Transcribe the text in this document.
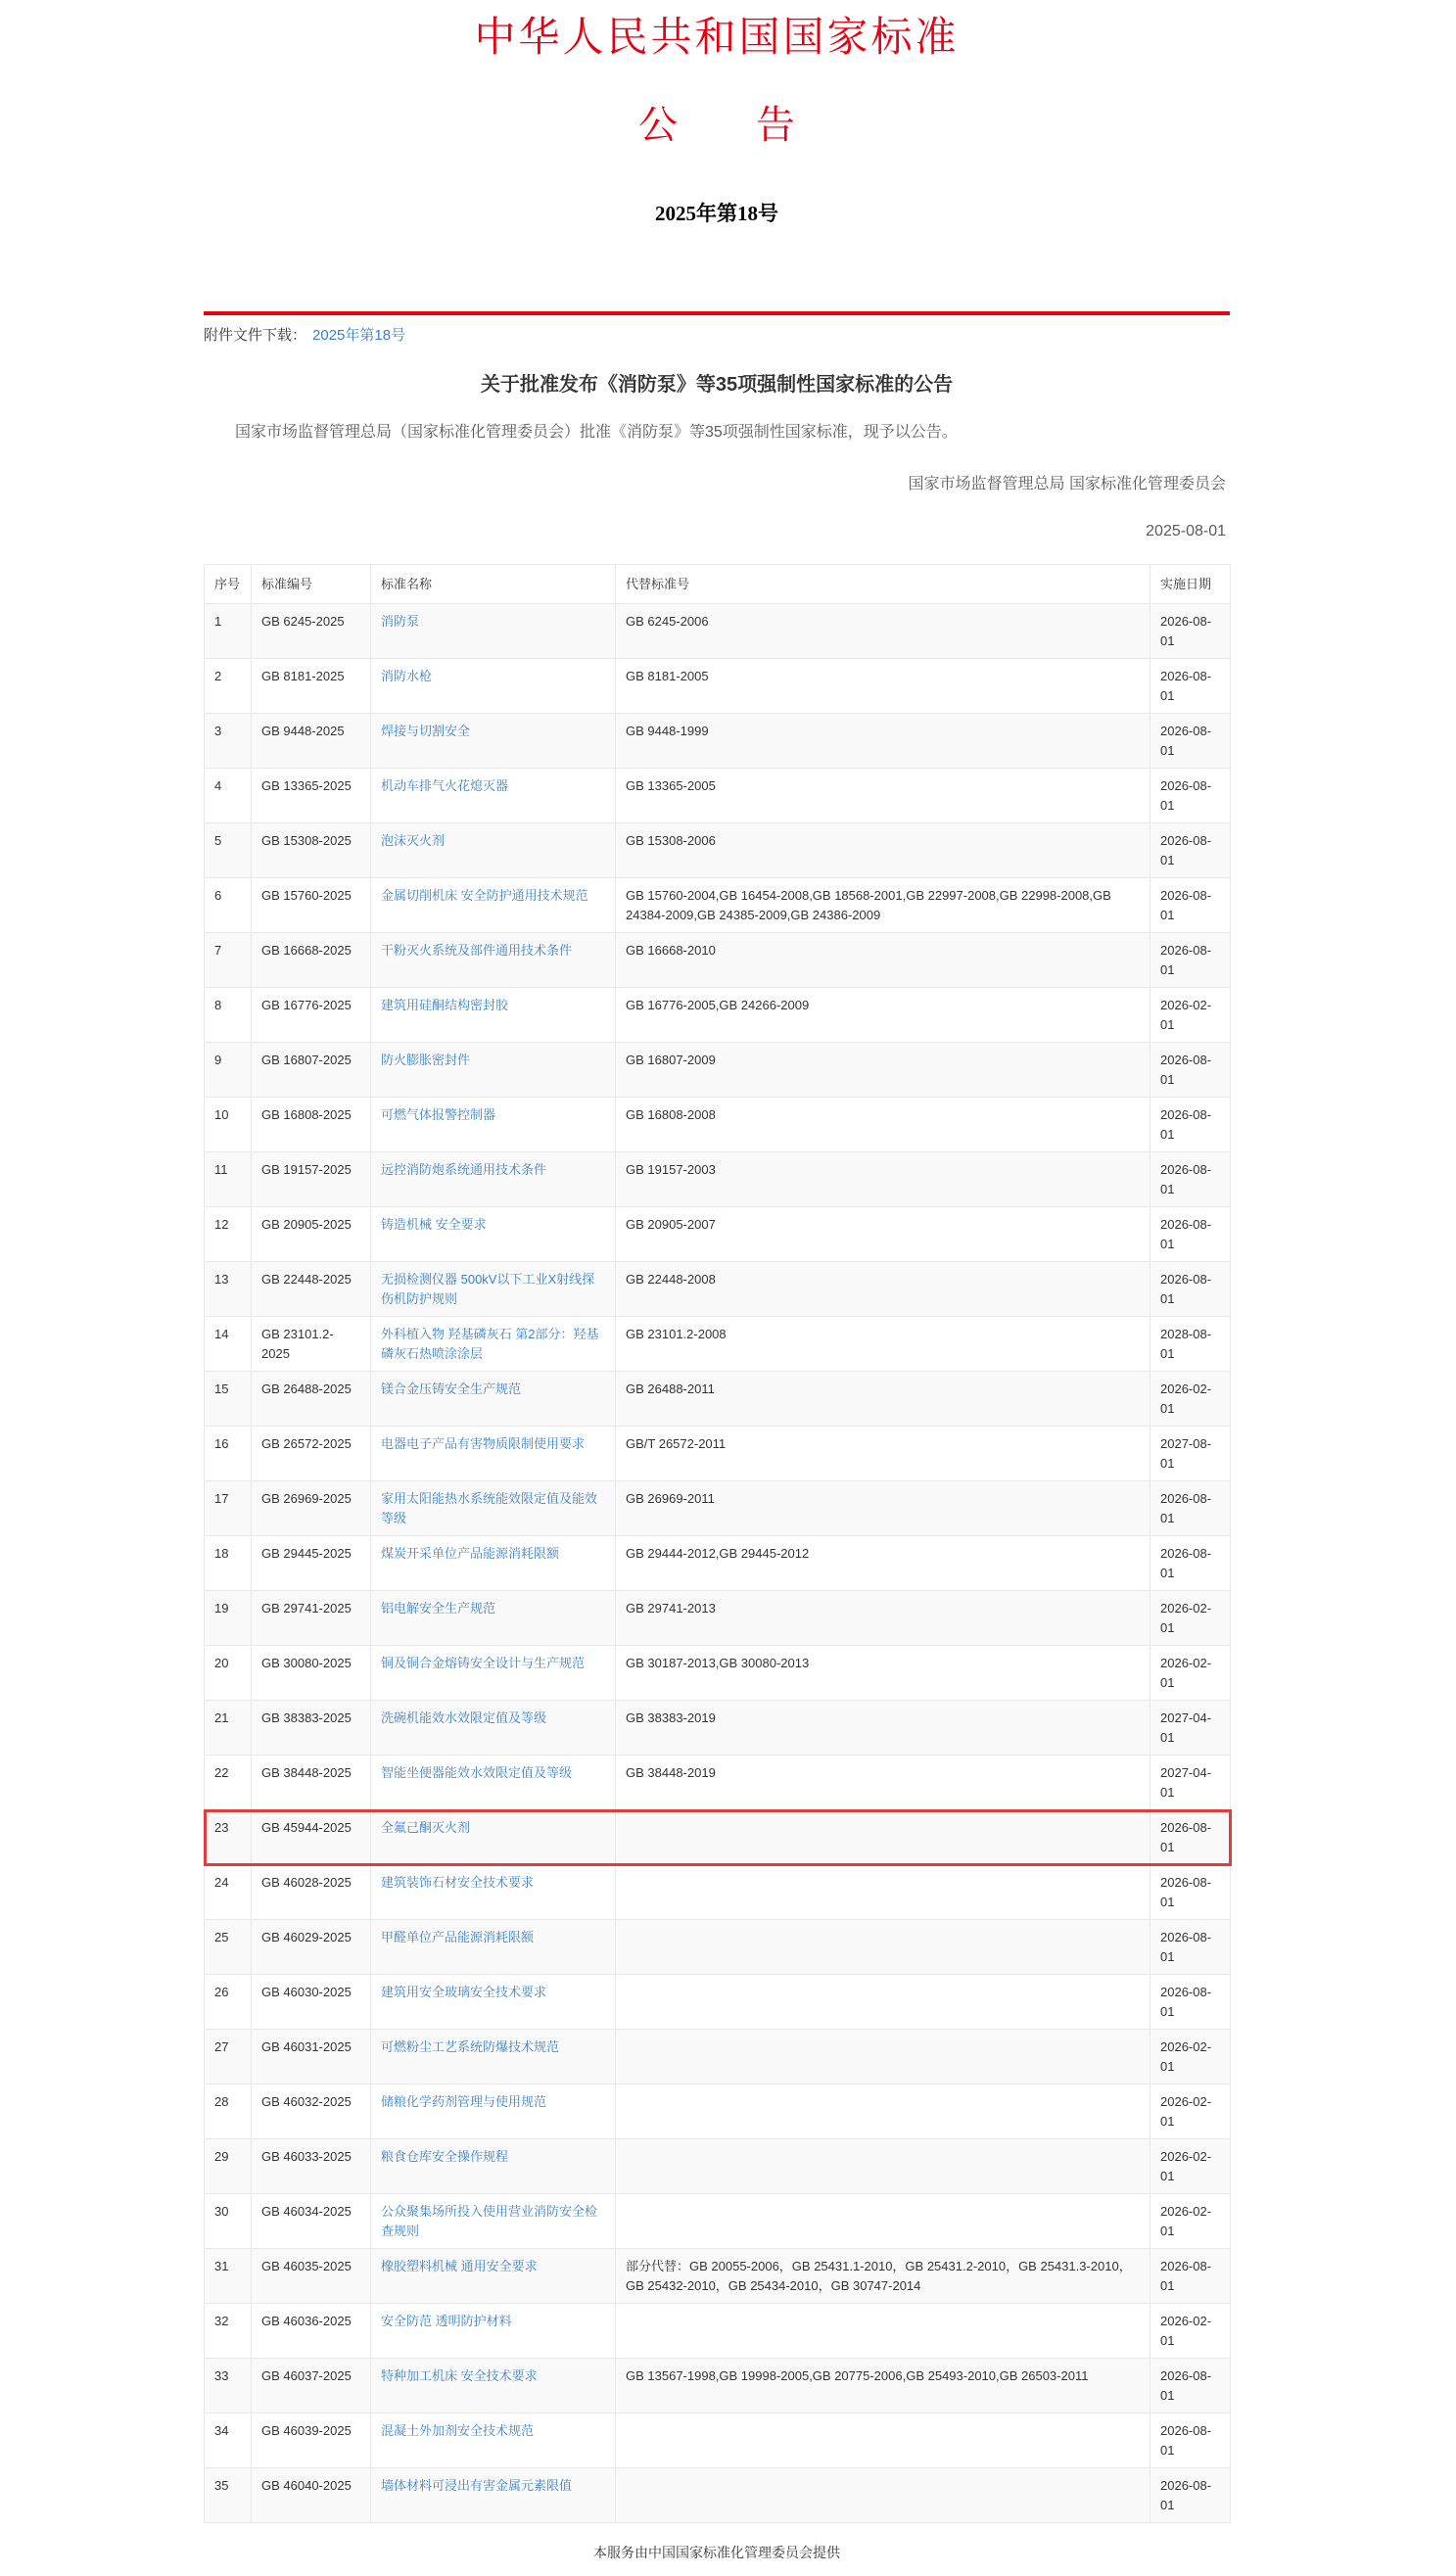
中华人民共和国国家标准
公　　告
2025年第18号
附件文件下载： 2025年第18号
关于批准发布《消防泵》等35项强制性国家标准的公告

国家市场监督管理总局（国家标准化管理委员会）批准《消防泵》等35项强制性国家标准，现予以公告。

国家市场监督管理总局 国家标准化管理委员会
2025-08-01
序号	标准编号	标准名称	代替标准号	实施日期
1	GB 6245-2025	消防泵	GB 6245-2006	2026-08-01
2	GB 8181-2025	消防水枪	GB 8181-2005	2026-08-01
3	GB 9448-2025	焊接与切割安全	GB 9448-1999	2026-08-01
4	GB 13365-2025	机动车排气火花熄灭器	GB 13365-2005	2026-08-01
5	GB 15308-2025	泡沫灭火剂	GB 15308-2006	2026-08-01
6	GB 15760-2025	金属切削机床 安全防护通用技术规范	GB 15760-2004,GB 16454-2008,GB 18568-2001,GB 22997-2008,GB 22998-2008,GB 24384-2009,GB 24385-2009,GB 24386-2009	2026-08-01
7	GB 16668-2025	干粉灭火系统及部件通用技术条件	GB 16668-2010	2026-08-01
8	GB 16776-2025	建筑用硅酮结构密封胶	GB 16776-2005,GB 24266-2009	2026-02-01
9	GB 16807-2025	防火膨胀密封件	GB 16807-2009	2026-08-01
10	GB 16808-2025	可燃气体报警控制器	GB 16808-2008	2026-08-01
11	GB 19157-2025	远控消防炮系统通用技术条件	GB 19157-2003	2026-08-01
12	GB 20905-2025	铸造机械 安全要求	GB 20905-2007	2026-08-01
13	GB 22448-2025	无损检测仪器 500kV以下工业X射线探伤机防护规则	GB 22448-2008	2026-08-01
14	GB 23101.2-2025	外科植入物 羟基磷灰石 第2部分：羟基磷灰石热喷涂涂层	GB 23101.2-2008	2028-08-01
15	GB 26488-2025	镁合金压铸安全生产规范	GB 26488-2011	2026-02-01
16	GB 26572-2025	电器电子产品有害物质限制使用要求	GB/T 26572-2011	2027-08-01
17	GB 26969-2025	家用太阳能热水系统能效限定值及能效等级	GB 26969-2011	2026-08-01
18	GB 29445-2025	煤炭开采单位产品能源消耗限额	GB 29444-2012,GB 29445-2012	2026-08-01
19	GB 29741-2025	铝电解安全生产规范	GB 29741-2013	2026-02-01
20	GB 30080-2025	铜及铜合金熔铸安全设计与生产规范	GB 30187-2013,GB 30080-2013	2026-02-01
21	GB 38383-2025	洗碗机能效水效限定值及等级	GB 38383-2019	2027-04-01
22	GB 38448-2025	智能坐便器能效水效限定值及等级	GB 38448-2019	2027-04-01
23	GB 45944-2025	全氟己酮灭火剂		2026-08-01
24	GB 46028-2025	建筑装饰石材安全技术要求		2026-08-01
25	GB 46029-2025	甲醛单位产品能源消耗限额		2026-08-01
26	GB 46030-2025	建筑用安全玻璃安全技术要求		2026-08-01
27	GB 46031-2025	可燃粉尘工艺系统防爆技术规范		2026-02-01
28	GB 46032-2025	储粮化学药剂管理与使用规范		2026-02-01
29	GB 46033-2025	粮食仓库安全操作规程		2026-02-01
30	GB 46034-2025	公众聚集场所投入使用营业消防安全检查规则		2026-02-01
31	GB 46035-2025	橡胶塑料机械 通用安全要求	部分代替：GB 20055-2006，GB 25431.1-2010，GB 25431.2-2010，GB 25431.3-2010，GB 25432-2010，GB 25434-2010，GB 30747-2014	2026-08-01
32	GB 46036-2025	安全防范 透明防护材料		2026-02-01
33	GB 46037-2025	特种加工机床 安全技术要求	GB 13567-1998,GB 19998-2005,GB 20775-2006,GB 25493-2010,GB 26503-2011	2026-08-01
34	GB 46039-2025	混凝土外加剂安全技术规范		2026-08-01
35	GB 46040-2025	墙体材料可浸出有害金属元素限值		2026-08-01
本服务由中国国家标准化管理委员会提供
